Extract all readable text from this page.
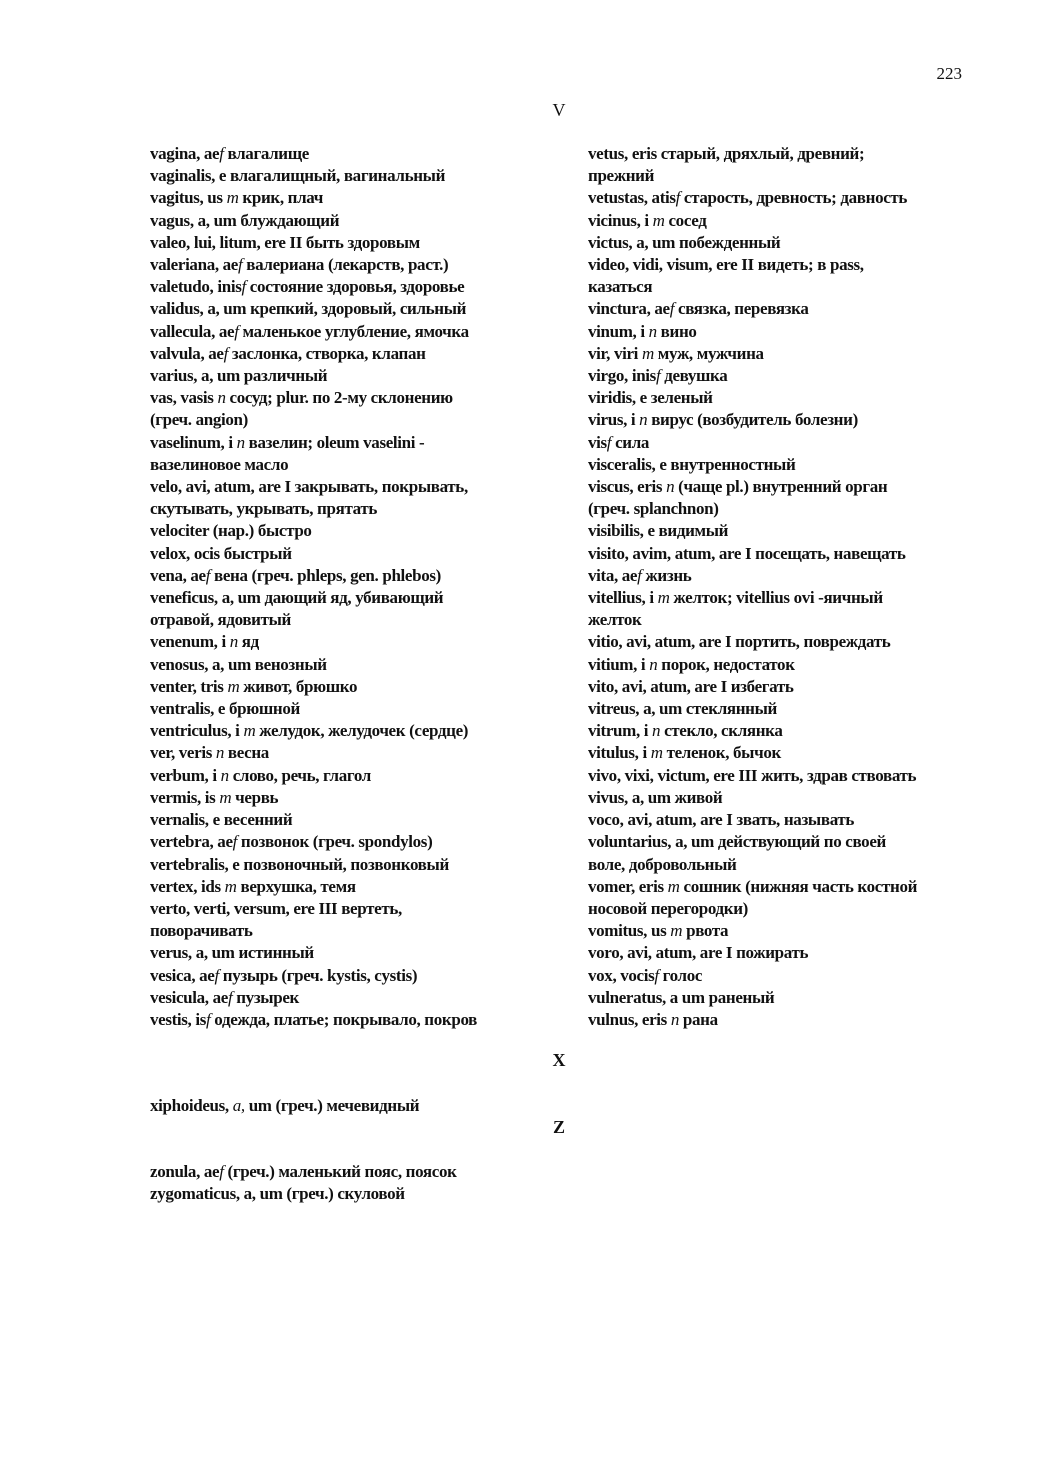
223
V
vagina, aef влагалище
vaginalis, e влагалищный, вагинальный
vagitus, us m крик, плач
vagus, a, um блуждающий
valeo, lui, litum, ere II быть здоровым
valeriana, aef валериана (лекарств, раст.)
valetudo, inisf состояние здоровья, здоровье
validus, a, um крепкий, здоровый, сильный
vallecula, aef маленькое углубление, ямочка
valvula, aef заслонка, створка, клапан
varius, a, um различный
vas, vasis n сосуд; plur. по 2-му склонению
(греч. angion)
vaselinum, i n вазелин; oleum vaselini -
вазелиновое масло
velo, avi, atum, are I закрывать, покрывать,
скутывать, укрывать, прятать
velociter (нар.) быстро
velox, ocis быстрый
vena, aef вена (греч. phleps, gen. phlebos)
veneficus, a, um дающий яд, убивающий
отравой, ядовитый
venenum, i n яд
venosus, a, um венозный
venter, tris m живот, брюшко
ventralis, e брюшной
ventriculus, i m желудок, желудочек (сердце)
ver, veris n весна
verbum, i n слово, речь, глагол
vermis, is m червь
vernalis, e весенний
vertebra, aef позвонок (греч. spondylos)
vertebralis, e позвоночный, позвонковый
vertex, ids m верхушка, темя
verto, verti, versum, ere III вертеть,
поворачивать
verus, a, um истинный
vesica, aef пузырь (греч. kystis, cystis)
vesicula, aef пузырек
vestis, isf одежда, платье; покрывало, покров
vetus, eris старый, дряхлый, древний;
прежний
vetustas, atisf старость, древность; давность
vicinus, i m сосед
victus, a, um побежденный
video, vidi, visum, ere II видеть; в pass,
казаться
vinctura, aef связка, перевязка
vinum, i n вино
vir, viri m муж, мужчина
virgo, inisf девушка
viridis, e зеленый
virus, i n вирус (возбудитель болезни)
visf сила
visceralis, e внутренностный
viscus, eris n (чаще pl.) внутренний орган
(греч. splanchnon)
visibilis, e видимый
visito, avim, atum, are I посещать, навещать
vita, aef жизнь
vitellius, i m желток; vitellius ovi -яичный
желток
vitio, avi, atum, are I портить, повреждать
vitium, i n порок, недостаток
vito, avi, atum, are I избегать
vitreus, a, um стеклянный
vitrum, i n стекло, склянка
vitulus, i m теленок, бычок
vivo, vixi, victum, ere III жить, здрав ствовать
vivus, a, um живой
voco, avi, atum, are I звать, называть
voluntarius, a, um действующий по своей
воле, добровольный
vomer, eris m сошник (нижняя часть костной
носовой перегородки)
vomitus, us m рвота
voro, avi, atum, are I пожирать
vox, vocisf голос
vulneratus, a um раненый
vulnus, eris n рана
X
xiphoideus, a, um (греч.) мечевидный
Z
zonula, aef (греч.) маленький пояс, поясок
zygomaticus, a, um (греч.) скуловой
